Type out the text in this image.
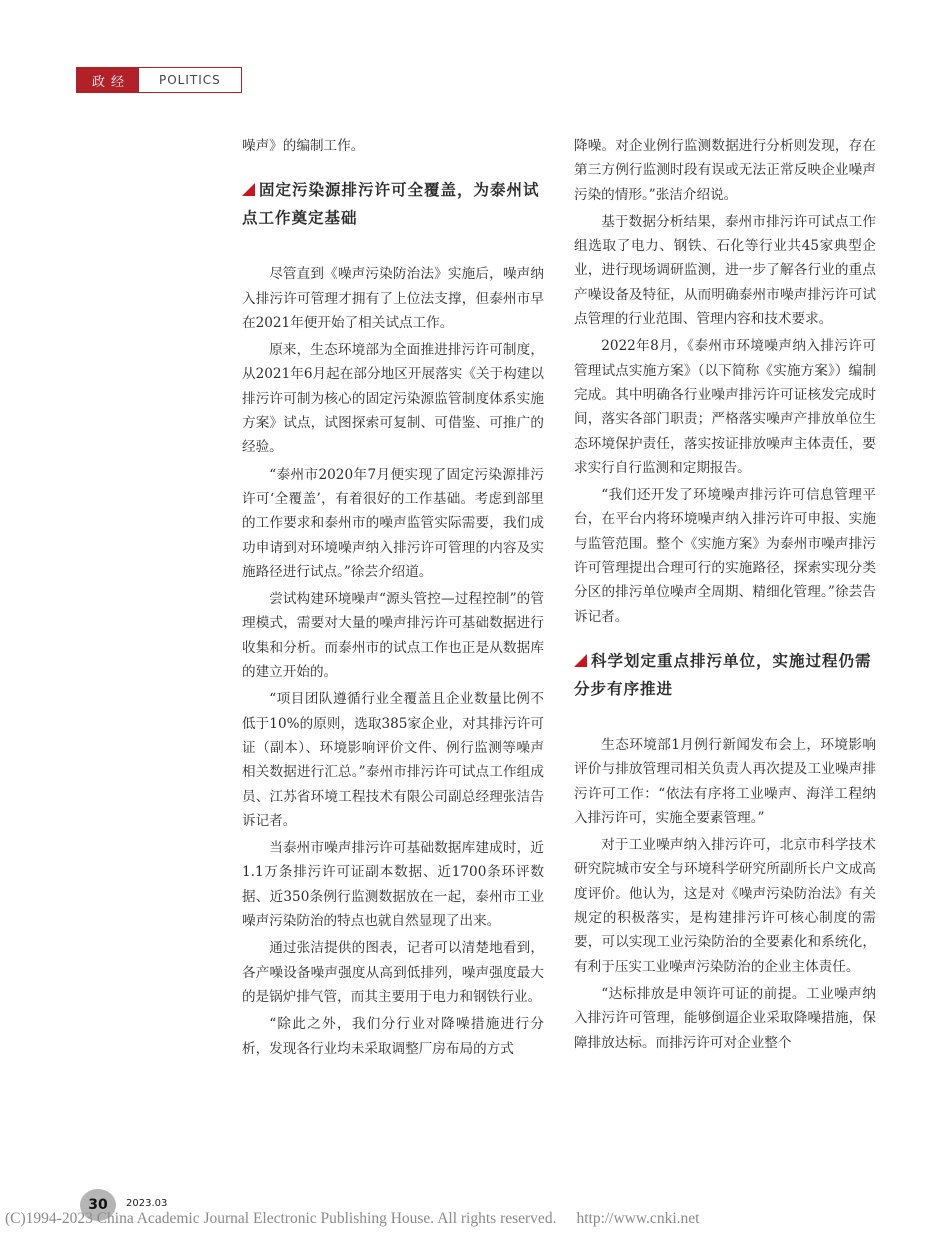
政经	POLITICS

噪声》的编制工作。

固定污染源排污许可全覆盖，为泰州试点工作奠定基础

尽管直到《噪声污染防治法》实施后，噪声纳入排污许可管理才拥有了上位法支撑，但泰州市早在2021年便开始了相关试点工作。

原来，生态环境部为全面推进排污许可制度，从2021年6月起在部分地区开展落实《关于构建以排污许可制为核心的固定污染源监管制度体系实施方案》试点，试图探索可复制、可借鉴、可推广的经验。

“泰州市2020年7月便实现了固定污染源排污许可‘全覆盖’，有着很好的工作基础。考虑到部里的工作要求和泰州市的噪声监管实际需要，我们成功申请到对环境噪声纳入排污许可管理的内容及实施路径进行试点。”徐芸介绍道。

尝试构建环境噪声“源头管控—过程控制”的管理模式，需要对大量的噪声排污许可基础数据进行收集和分析。而泰州市的试点工作也正是从数据库的建立开始的。

“项目团队遵循行业全覆盖且企业数量比例不低于10%的原则，选取385家企业，对其排污许可证（副本）、环境影响评价文件、例行监测等噪声相关数据进行汇总。”泰州市排污许可试点工作组成员、江苏省环境工程技术有限公司副总经理张洁告诉记者。

当泰州市噪声排污许可基础数据库建成时，近1.1万条排污许可证副本数据、近1700条环评数据、近350条例行监测数据放在一起，泰州市工业噪声污染防治的特点也就自然显现了出来。

通过张洁提供的图表，记者可以清楚地看到，各产噪设备噪声强度从高到低排列，噪声强度最大的是锅炉排气管，而其主要用于电力和钢铁行业。

“除此之外，我们分行业对降噪措施进行分析，发现各行业均未采取调整厂房布局的方式

降噪。对企业例行监测数据进行分析则发现，存在第三方例行监测时段有误或无法正常反映企业噪声污染的情形。”张洁介绍说。

基于数据分析结果，泰州市排污许可试点工作组选取了电力、钢铁、石化等行业共45家典型企业，进行现场调研监测，进一步了解各行业的重点产噪设备及特征，从而明确泰州市噪声排污许可试点管理的行业范围、管理内容和技术要求。

2022年8月，《泰州市环境噪声纳入排污许可管理试点实施方案》（以下简称《实施方案》）编制完成。其中明确各行业噪声排污许可证核发完成时间，落实各部门职责；严格落实噪声产排放单位生态环境保护责任，落实按证排放噪声主体责任，要求实行自行监测和定期报告。

“我们还开发了环境噪声排污许可信息管理平台，在平台内将环境噪声纳入排污许可申报、实施与监管范围。整个《实施方案》为泰州市噪声排污许可管理提出合理可行的实施路径，探索实现分类分区的排污单位噪声全周期、精细化管理。”徐芸告诉记者。

科学划定重点排污单位，实施过程仍需分步有序推进

生态环境部1月例行新闻发布会上，环境影响评价与排放管理司相关负责人再次提及工业噪声排污许可工作：“依法有序将工业噪声、海洋工程纳入排污许可，实施全要素管理。”

对于工业噪声纳入排污许可，北京市科学技术研究院城市安全与环境科学研究所副所长户文成高度评价。他认为，这是对《噪声污染防治法》有关规定的积极落实，是构建排污许可核心制度的需要，可以实现工业污染防治的全要素化和系统化，有利于压实工业噪声污染防治的企业主体责任。

“达标排放是申领许可证的前提。工业噪声纳入排污许可管理，能够倒逼企业采取降噪措施，保障排放达标。而排污许可对企业整个

30	2023.03
(C)1994-2023 China Academic Journal Electronic Publishing House. All rights reserved. http://www.cnki.net
